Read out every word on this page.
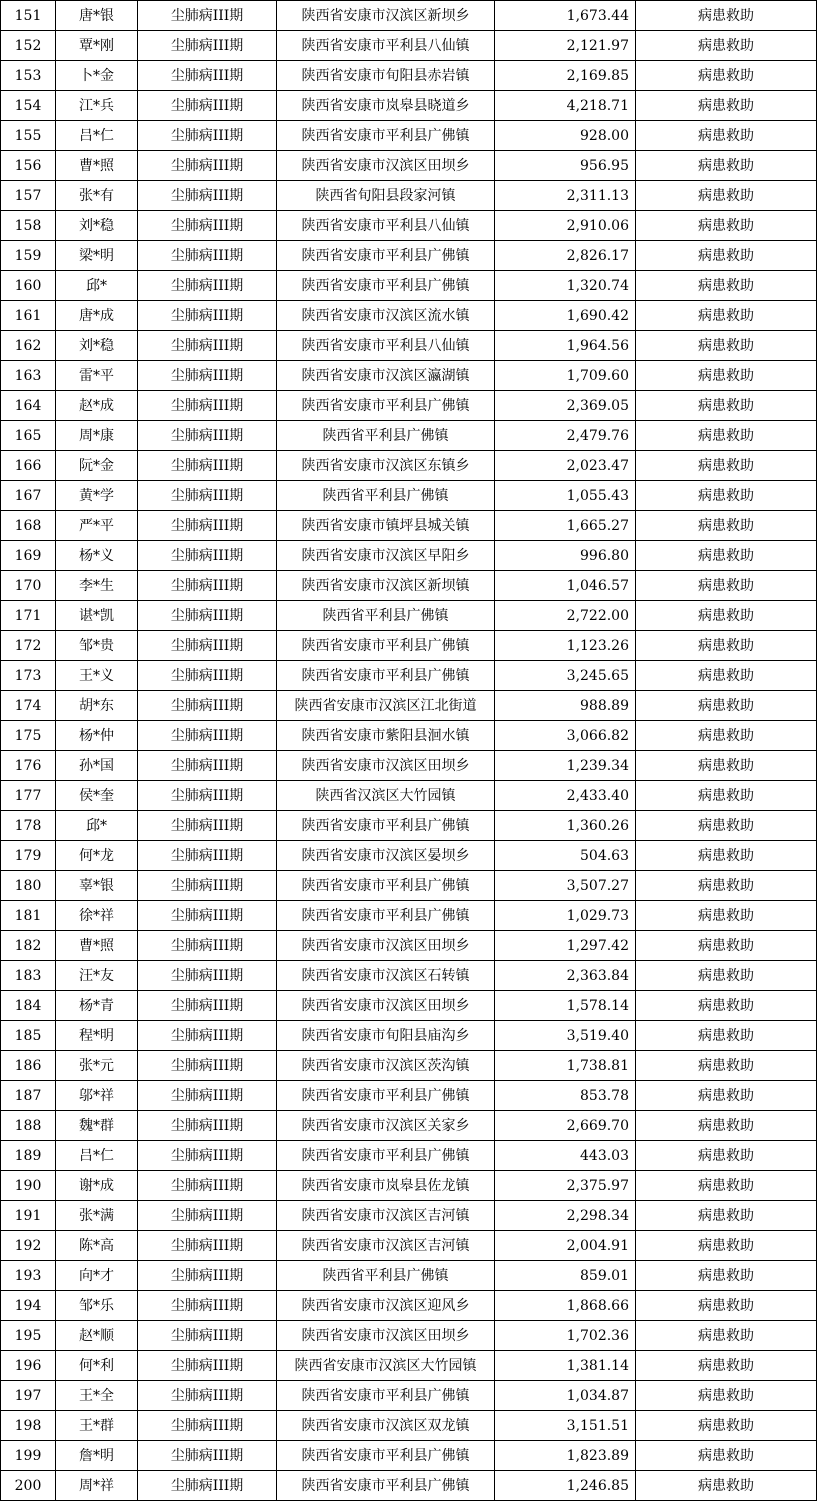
151	唐*银	尘肺病III期	陕西省安康市汉滨区新坝乡	1,673.44	病患救助
152	覃*刚	尘肺病III期	陕西省安康市平利县八仙镇	2,121.97	病患救助
153	卜*金	尘肺病III期	陕西省安康市旬阳县赤岩镇	2,169.85	病患救助
154	江*兵	尘肺病III期	陕西省安康市岚皋县晓道乡	4,218.71	病患救助
155	吕*仁	尘肺病III期	陕西省安康市平利县广佛镇	928.00	病患救助
156	曹*照	尘肺病III期	陕西省安康市汉滨区田坝乡	956.95	病患救助
157	张*有	尘肺病III期	陕西省旬阳县段家河镇	2,311.13	病患救助
158	刘*稳	尘肺病III期	陕西省安康市平利县八仙镇	2,910.06	病患救助
159	梁*明	尘肺病III期	陕西省安康市平利县广佛镇	2,826.17	病患救助
160	邱*	尘肺病III期	陕西省安康市平利县广佛镇	1,320.74	病患救助
161	唐*成	尘肺病III期	陕西省安康市汉滨区流水镇	1,690.42	病患救助
162	刘*稳	尘肺病III期	陕西省安康市平利县八仙镇	1,964.56	病患救助
163	雷*平	尘肺病III期	陕西省安康市汉滨区瀛湖镇	1,709.60	病患救助
164	赵*成	尘肺病III期	陕西省安康市平利县广佛镇	2,369.05	病患救助
165	周*康	尘肺病III期	陕西省平利县广佛镇	2,479.76	病患救助
166	阮*金	尘肺病III期	陕西省安康市汉滨区东镇乡	2,023.47	病患救助
167	黄*学	尘肺病III期	陕西省平利县广佛镇	1,055.43	病患救助
168	严*平	尘肺病III期	陕西省安康市镇坪县城关镇	1,665.27	病患救助
169	杨*义	尘肺病III期	陕西省安康市汉滨区早阳乡	996.80	病患救助
170	李*生	尘肺病III期	陕西省安康市汉滨区新坝镇	1,046.57	病患救助
171	谌*凯	尘肺病III期	陕西省平利县广佛镇	2,722.00	病患救助
172	邹*贵	尘肺病III期	陕西省安康市平利县广佛镇	1,123.26	病患救助
173	王*义	尘肺病III期	陕西省安康市平利县广佛镇	3,245.65	病患救助
174	胡*东	尘肺病III期	陕西省安康市汉滨区江北街道	988.89	病患救助
175	杨*仲	尘肺病III期	陕西省安康市紫阳县洄水镇	3,066.82	病患救助
176	孙*国	尘肺病III期	陕西省安康市汉滨区田坝乡	1,239.34	病患救助
177	侯*奎	尘肺病III期	陕西省汉滨区大竹园镇	2,433.40	病患救助
178	邱*	尘肺病III期	陕西省安康市平利县广佛镇	1,360.26	病患救助
179	何*龙	尘肺病III期	陕西省安康市汉滨区晏坝乡	504.63	病患救助
180	辜*银	尘肺病III期	陕西省安康市平利县广佛镇	3,507.27	病患救助
181	徐*祥	尘肺病III期	陕西省安康市平利县广佛镇	1,029.73	病患救助
182	曹*照	尘肺病III期	陕西省安康市汉滨区田坝乡	1,297.42	病患救助
183	汪*友	尘肺病III期	陕西省安康市汉滨区石转镇	2,363.84	病患救助
184	杨*青	尘肺病III期	陕西省安康市汉滨区田坝乡	1,578.14	病患救助
185	程*明	尘肺病III期	陕西省安康市旬阳县庙沟乡	3,519.40	病患救助
186	张*元	尘肺病III期	陕西省安康市汉滨区茨沟镇	1,738.81	病患救助
187	邬*祥	尘肺病III期	陕西省安康市平利县广佛镇	853.78	病患救助
188	魏*群	尘肺病III期	陕西省安康市汉滨区关家乡	2,669.70	病患救助
189	吕*仁	尘肺病III期	陕西省安康市平利县广佛镇	443.03	病患救助
190	谢*成	尘肺病III期	陕西省安康市岚皋县佐龙镇	2,375.97	病患救助
191	张*满	尘肺病III期	陕西省安康市汉滨区吉河镇	2,298.34	病患救助
192	陈*高	尘肺病III期	陕西省安康市汉滨区吉河镇	2,004.91	病患救助
193	向*才	尘肺病III期	陕西省平利县广佛镇	859.01	病患救助
194	邹*乐	尘肺病III期	陕西省安康市汉滨区迎风乡	1,868.66	病患救助
195	赵*顺	尘肺病III期	陕西省安康市汉滨区田坝乡	1,702.36	病患救助
196	何*利	尘肺病III期	陕西省安康市汉滨区大竹园镇	1,381.14	病患救助
197	王*全	尘肺病III期	陕西省安康市平利县广佛镇	1,034.87	病患救助
198	王*群	尘肺病III期	陕西省安康市汉滨区双龙镇	3,151.51	病患救助
199	詹*明	尘肺病III期	陕西省安康市平利县广佛镇	1,823.89	病患救助
200	周*祥	尘肺病III期	陕西省安康市平利县广佛镇	1,246.85	病患救助
